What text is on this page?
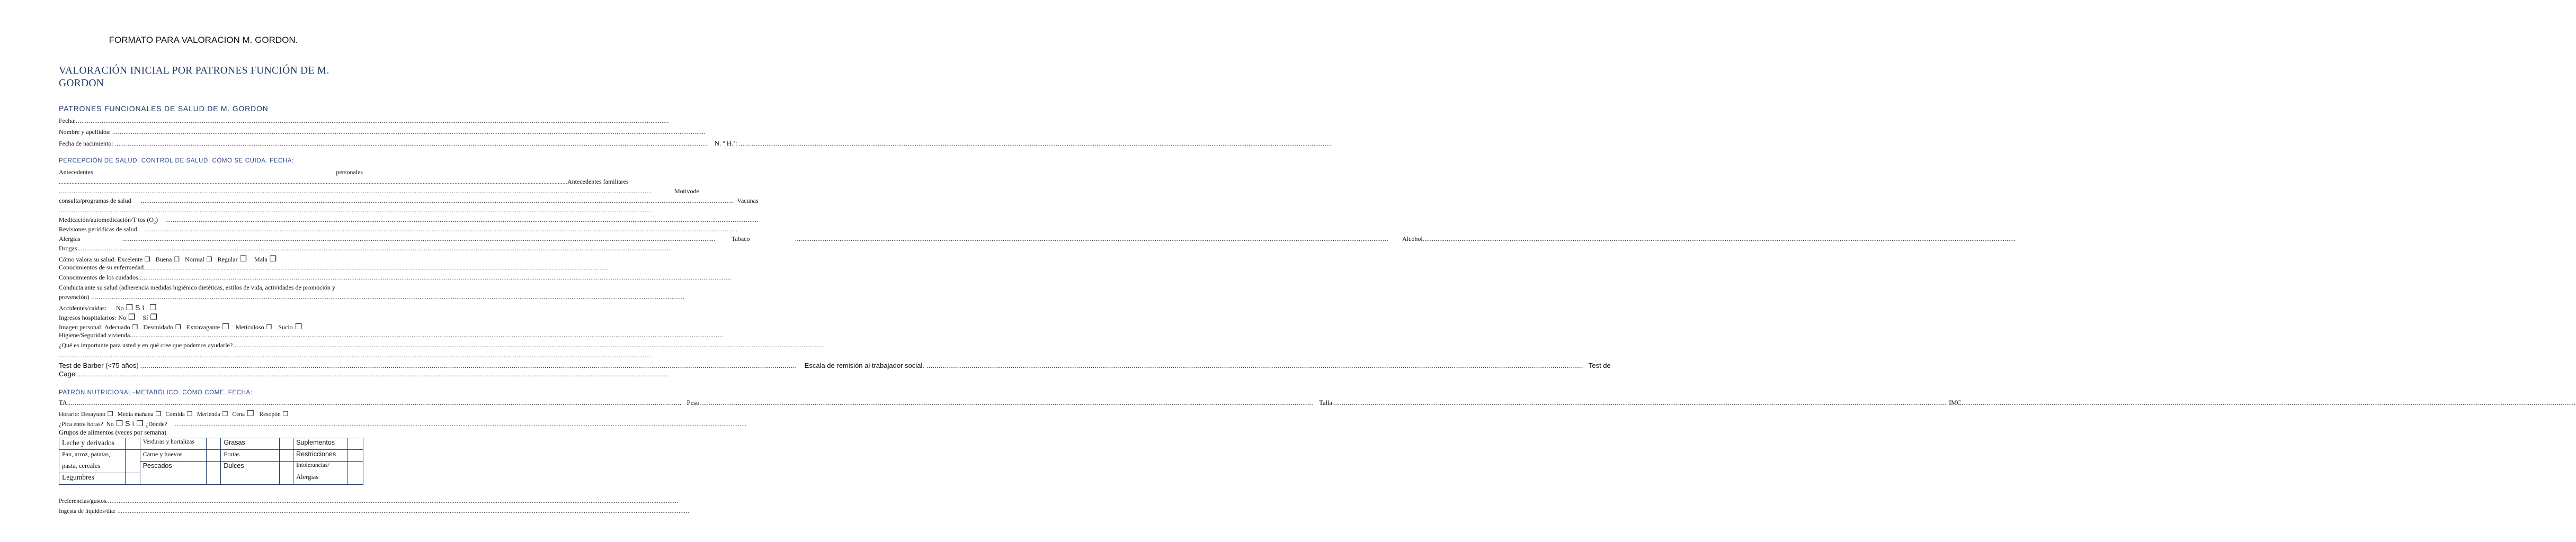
FORMATO PARA VALORACION M. GORDON.
VALORACIÓN INICIAL POR PATRONES FUNCIÓN DE M.
GORDON
PATRONES FUNCIONALES DE SALUD DE M. GORDON
Fecha: ................................................................................................................................................................................................................................................................................................................................
Nombre y apellidos:
................................................................................................................................................................................................................................................................................................................................
Fecha de nacimiento:
................................................................................................................................................................................................................................................................................................................................ N. º H.ª:
................................................................................................................................................................................................................................................................................................................................
PERCEPCIÓN DE SALUD. CONTROL DE SALUD. CÓMO SE CUIDA. FECHA:
Antecedentes	personales
................................................................................................................................................................................................................................................................................................................................ Antecedentes familiares
................................................................................................................................................................................................................................................................................................................................	Motivo de
consulta/programas de salud ................................................................................................................................................................................................................................................................................................................................ Vacunas
................................................................................................................................................................................................................................................................................................................................
Medicación/automedicación/T tos $(O_2)$ ................................................................................................................................................................................................................................................................................................................................
Revisiones periódicas de salud ................................................................................................................................................................................................................................................................................................................................
Alergias	................................................................................................................................................................................................................................................................................................................................	Tabaco	................................................................................................................................................................................................................................................................................................................................ Alcohol ................................................................................................................................................................................................................................................................................................................................
Drogas ................................................................................................................................................................................................................................................................................................................................
Cómo valora su salud:
Excelente ❒ Buena ❒ Normal ❒ Regular ❒ Mala ❒
Conocimientos de su enfermedad ................................................................................................................................................................................................................................................................................................................................
Conocimientos de los cuidados ................................................................................................................................................................................................................................................................................................................................
Conducta ante su salud (adherencia medidas higiénico dietéticas, estilos de vida, actividades de promoción y
prevención) ................................................................................................................................................................................................................................................................................................................................
Accidentes/caídas: No ❒ S í ❒
Ingresos hospitalarios: No ❒ Sí ❒
Imagen personal:
Adecuado ❒ Descuidado ❒ Extravagante ❒ Meticuloso ❒ Sucio ❒
Higiene/Seguridad vivienda ................................................................................................................................................................................................................................................................................................................................
¿Qué es importante para usted y en qué cree que podemos ayudarle? ................................................................................................................................................................................................................................................................................................................................
................................................................................................................................................................................................................................................................................................................................
Test de Barber (<75 años) ................................................................................................................................................................................................................................................................................................................................ Escala de remisión al trabajador social. ................................................................................................................................................................................................................................................................................................................................ Test de
Cage ................................................................................................................................................................................................................................................................................................................................
PATRÓN NUTRICIONAL–METABÓLICO. CÓMO COME. FECHA:
TA ................................................................................................................................................................................................................................................................................................................................ Peso ................................................................................................................................................................................................................................................................................................................................ Talla ................................................................................................................................................................................................................................................................................................................................ IMC ................................................................................................................................................................................................................................................................................................................................
Horario:
Desayuno ❒ Media mañana ❒ Comida ❒ Merienda ❒ Cena ❒ Resopón ❒
¿Pica entre horas? No ❒ S í ❒ ¿Dónde? ................................................................................................................................................................................................................................................................................................................................
Grupos de alimentos (veces por semana)
Leche y derivados		Verduras y hortalizas		Grasas		Suplementos	
Pan, arroz, patatas,		Carne y huevos		Frutas		Restricciones	
pasta, cereales		Pescados		Dulces		Intolerancias/	
Legumbres						Alergias	
Preferencias/gustos ................................................................................................................................................................................................................................................................................................................................
Ingesta de líquidos/día:
................................................................................................................................................................................................................................................................................................................................
